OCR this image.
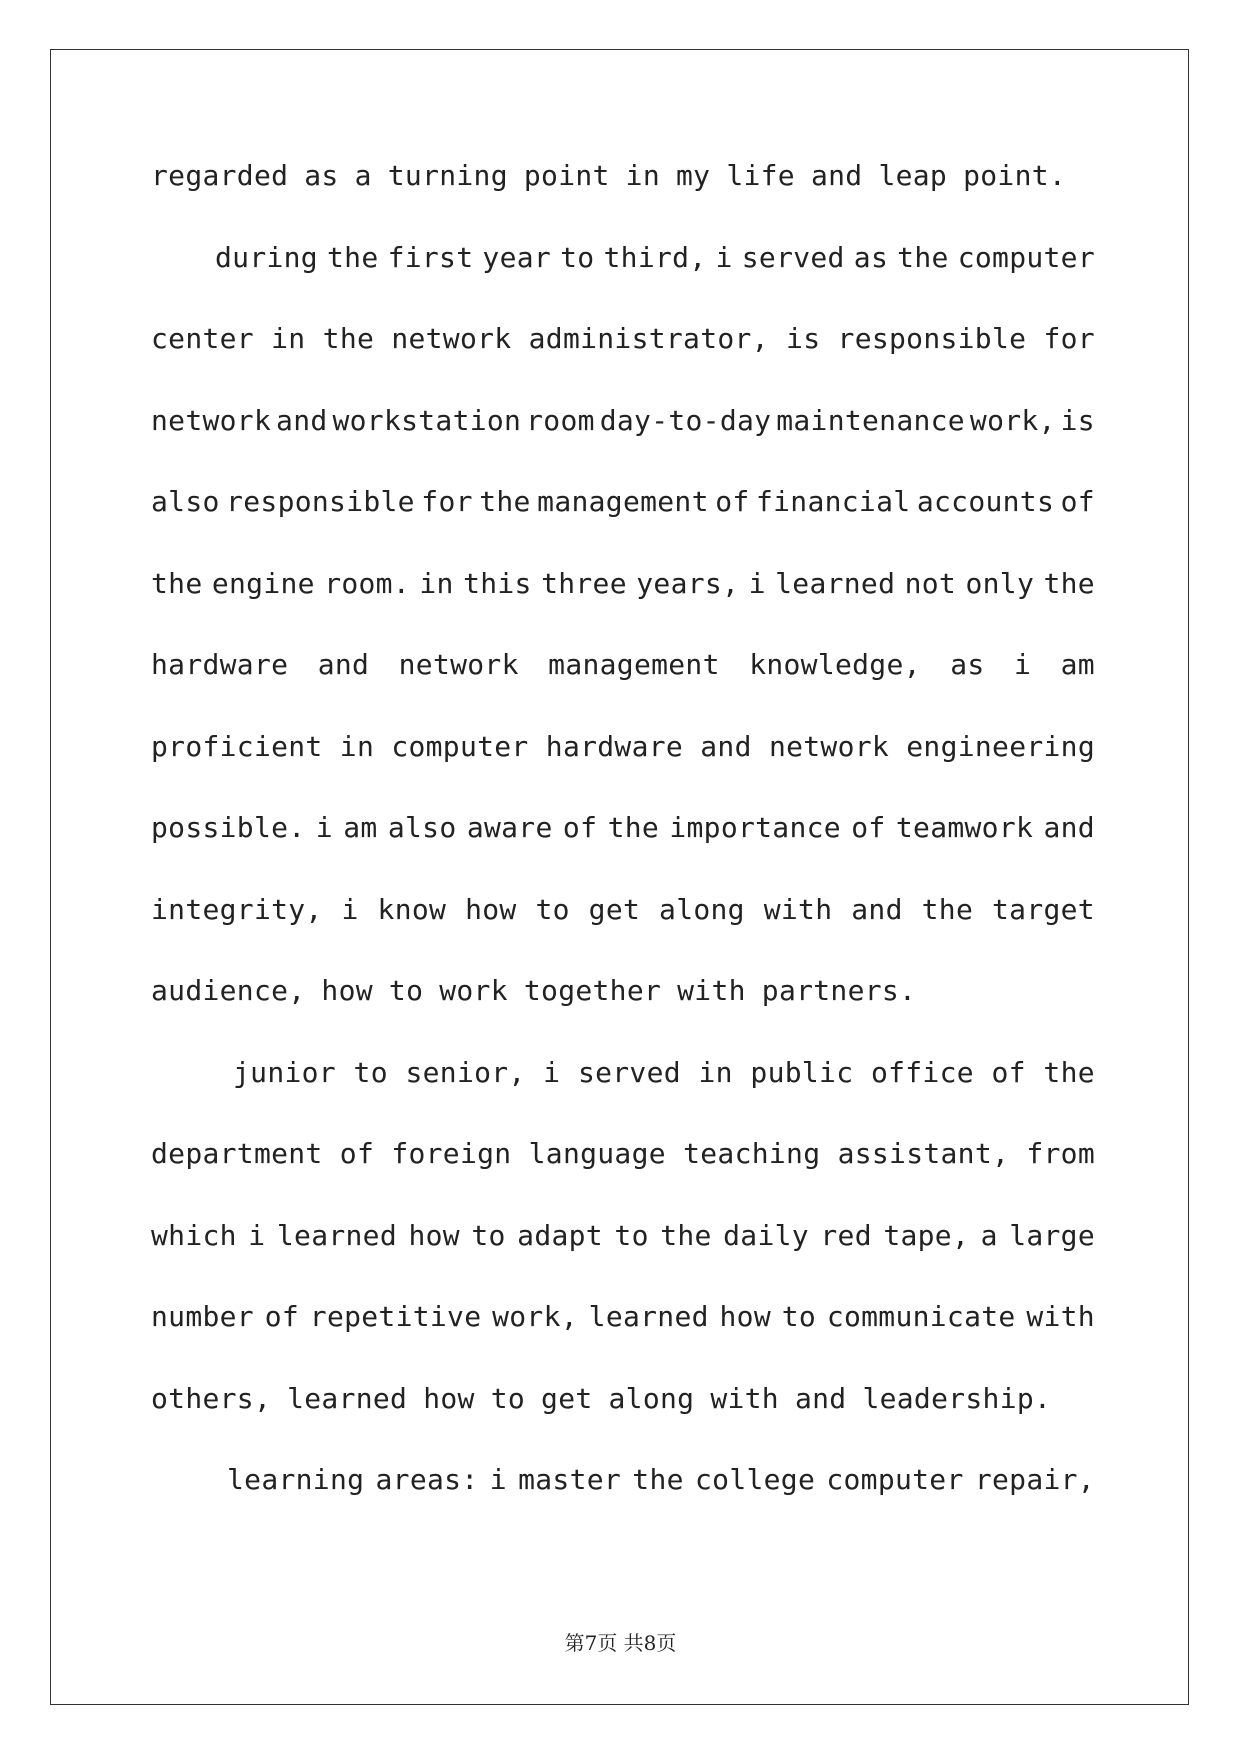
regarded as a turning point in my life and leap point.
during the first year to third, i served as the computer
center in the network administrator, is responsible for
network and workstation room day-to-day maintenance work, is
also responsible for the management of financial accounts of
the engine room. in this three years, i learned not only the
hardware and network management knowledge, as i am
proficient in computer hardware and network engineering
possible. i am also aware of the importance of teamwork and
integrity, i know how to get along with and the target
audience, how to work together with partners.
junior to senior, i served in public office of the
department of foreign language teaching assistant, from
which i learned how to adapt to the daily red tape, a large
number of repetitive work, learned how to communicate with
others, learned how to get along with and leadership.
learning areas: i master the college computer repair,
第7页 共8页
